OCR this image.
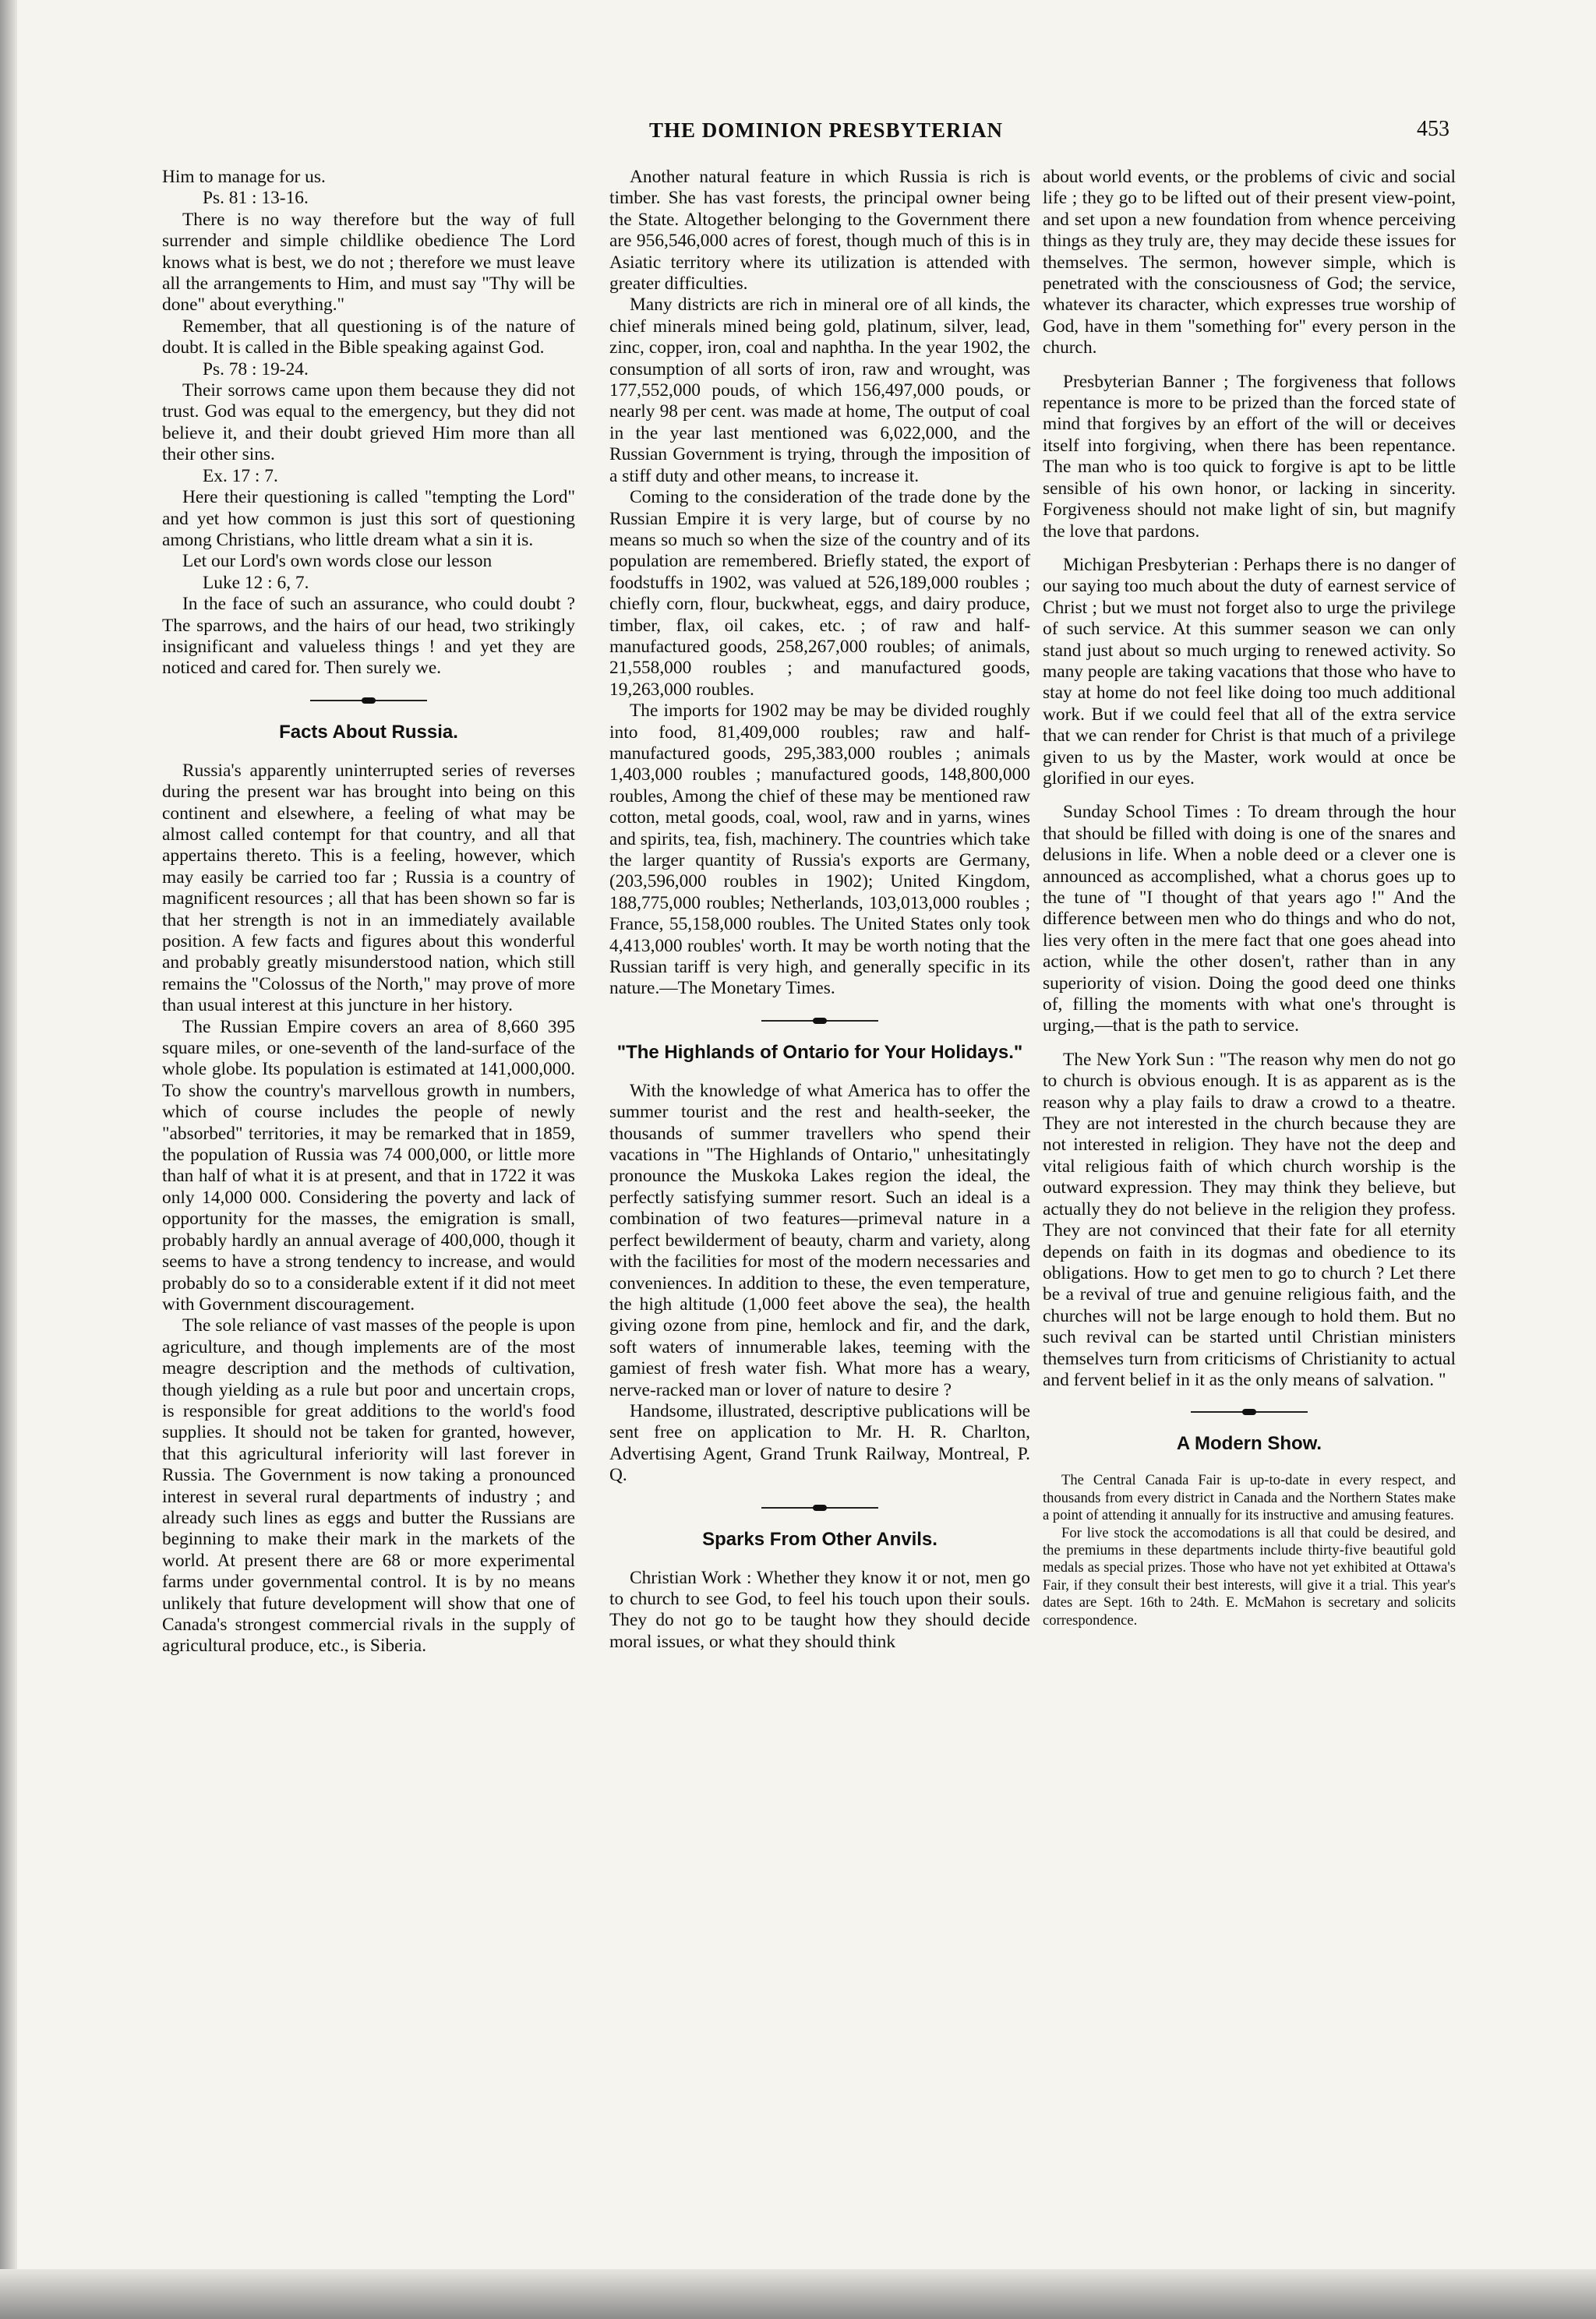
THE DOMINION PRESBYTERIAN	453

Him to manage for us.

Ps. 81 : 13-16.

There is no way therefore but the way of full surrender and simple childlike obedience The Lord knows what is best, we do not ; therefore we must leave all the arrangements to Him, and must say "Thy will be done" about everything."

Remember, that all questioning is of the nature of doubt. It is called in the Bible speaking against God.

Ps. 78 : 19-24.

Their sorrows came upon them because they did not trust. God was equal to the emergency, but they did not believe it, and their doubt grieved Him more than all their other sins.

Ex. 17 : 7.

Here their questioning is called "tempting the Lord" and yet how common is just this sort of questioning among Christians, who little dream what a sin it is.

Let our Lord's own words close our lesson

Luke 12 : 6, 7.

In the face of such an assurance, who could doubt ? The sparrows, and the hairs of our head, two strikingly insignificant and valueless things ! and yet they are noticed and cared for. Then surely we.

Facts About Russia.

Russia's apparently uninterrupted series of reverses during the present war has brought into being on this continent and elsewhere, a feeling of what may be almost called contempt for that country, and all that appertains thereto. This is a feeling, however, which may easily be carried too far ; Russia is a country of magnificent resources ; all that has been shown so far is that her strength is not in an immediately available position. A few facts and figures about this wonderful and probably greatly misunderstood nation, which still remains the "Colossus of the North," may prove of more than usual interest at this juncture in her history.

The Russian Empire covers an area of 8,660 395 square miles, or one-seventh of the land-surface of the whole globe. Its population is estimated at 141,000,000. To show the country's marvellous growth in numbers, which of course includes the people of newly "absorbed" territories, it may be remarked that in 1859, the population of Russia was 74 000,000, or little more than half of what it is at present, and that in 1722 it was only 14,000 000. Considering the poverty and lack of opportunity for the masses, the emigration is small, probably hardly an annual average of 400,000, though it seems to have a strong tendency to increase, and would probably do so to a considerable extent if it did not meet with Government discouragement.

The sole reliance of vast masses of the people is upon agriculture, and though implements are of the most meagre description and the methods of cultivation, though yielding as a rule but poor and uncertain crops, is responsible for great additions to the world's food supplies. It should not be taken for granted, however, that this agricultural inferiority will last forever in Russia. The Government is now taking a pronounced interest in several rural departments of industry ; and already such lines as eggs and butter the Russians are beginning to make their mark in the markets of the world. At present there are 68 or more experimental farms under governmental control. It is by no means unlikely that future development will show that one of Canada's strongest commercial rivals in the supply of agricultural produce, etc., is Siberia.

Another natural feature in which Russia is rich is timber. She has vast forests, the principal owner being the State. Altogether belonging to the Government there are 956,546,000 acres of forest, though much of this is in Asiatic territory where its utilization is attended with greater difficulties.

Many districts are rich in mineral ore of all kinds, the chief minerals mined being gold, platinum, silver, lead, zinc, copper, iron, coal and naphtha. In the year 1902, the consumption of all sorts of iron, raw and wrought, was 177,552,000 pouds, of which 156,497,000 pouds, or nearly 98 per cent. was made at home, The output of coal in the year last mentioned was 6,022,000, and the Russian Government is trying, through the imposition of a stiff duty and other means, to increase it.

Coming to the consideration of the trade done by the Russian Empire it is very large, but of course by no means so much so when the size of the country and of its population are remembered. Briefly stated, the export of foodstuffs in 1902, was valued at 526,189,000 roubles ; chiefly corn, flour, buckwheat, eggs, and dairy produce, timber, flax, oil cakes, etc. ; of raw and half-manufactured goods, 258,267,000 roubles; of animals, 21,558,000 roubles ; and manufactured goods, 19,263,000 roubles.

The imports for 1902 may be may be divided roughly into food, 81,409,000 roubles; raw and half-manufactured goods, 295,383,000 roubles ; animals 1,403,000 roubles ; manufactured goods, 148,800,000 roubles, Among the chief of these may be mentioned raw cotton, metal goods, coal, wool, raw and in yarns, wines and spirits, tea, fish, machinery. The countries which take the larger quantity of Russia's exports are Germany, (203,596,000 roubles in 1902); United Kingdom, 188,775,000 roubles; Netherlands, 103,013,000 roubles ; France, 55,158,000 roubles. The United States only took 4,413,000 roubles' worth. It may be worth noting that the Russian tariff is very high, and generally specific in its nature.—The Monetary Times.

"The Highlands of Ontario for Your Holidays."

With the knowledge of what America has to offer the summer tourist and the rest and health-seeker, the thousands of summer travellers who spend their vacations in "The Highlands of Ontario," unhesitatingly pronounce the Muskoka Lakes region the ideal, the perfectly satisfying summer resort. Such an ideal is a combination of two features—primeval nature in a perfect bewilderment of beauty, charm and variety, along with the facilities for most of the modern necessaries and conveniences. In addition to these, the even temperature, the high altitude (1,000 feet above the sea), the health giving ozone from pine, hemlock and fir, and the dark, soft waters of innumerable lakes, teeming with the gamiest of fresh water fish. What more has a weary, nerve-racked man or lover of nature to desire ?

Handsome, illustrated, descriptive publications will be sent free on application to Mr. H. R. Charlton, Advertising Agent, Grand Trunk Railway, Montreal, P. Q.

Sparks From Other Anvils.

Christian Work : Whether they know it or not, men go to church to see God, to feel his touch upon their souls. They do not go to be taught how they should decide moral issues, or what they should think

about world events, or the problems of civic and social life ; they go to be lifted out of their present view-point, and set upon a new foundation from whence perceiving things as they truly are, they may decide these issues for themselves. The sermon, however simple, which is penetrated with the consciousness of God; the service, whatever its character, which expresses true worship of God, have in them "something for" every person in the church.

Presbyterian Banner ; The forgiveness that follows repentance is more to be prized than the forced state of mind that forgives by an effort of the will or deceives itself into forgiving, when there has been repentance. The man who is too quick to forgive is apt to be little sensible of his own honor, or lacking in sincerity. Forgiveness should not make light of sin, but magnify the love that pardons.

Michigan Presbyterian : Perhaps there is no danger of our saying too much about the duty of earnest service of Christ ; but we must not forget also to urge the privilege of such service. At this summer season we can only stand just about so much urging to renewed activity. So many people are taking vacations that those who have to stay at home do not feel like doing too much additional work. But if we could feel that all of the extra service that we can render for Christ is that much of a privilege given to us by the Master, work would at once be glorified in our eyes.

Sunday School Times : To dream through the hour that should be filled with doing is one of the snares and delusions in life. When a noble deed or a clever one is announced as accomplished, what a chorus goes up to the tune of "I thought of that years ago !" And the difference between men who do things and who do not, lies very often in the mere fact that one goes ahead into action, while the other dosen't, rather than in any superiority of vision. Doing the good deed one thinks of, filling the moments with what one's throught is urging,—that is the path to service.

The New York Sun : "The reason why men do not go to church is obvious enough. It is as apparent as is the reason why a play fails to draw a crowd to a theatre. They are not interested in the church because they are not interested in religion. They have not the deep and vital religious faith of which church worship is the outward expression. They may think they believe, but actually they do not believe in the religion they profess. They are not convinced that their fate for all eternity depends on faith in its dogmas and obedience to its obligations. How to get men to go to church ? Let there be a revival of true and genuine religious faith, and the churches will not be large enough to hold them. But no such revival can be started until Christian ministers themselves turn from criticisms of Christianity to actual and fervent belief in it as the only means of salvation. "

A Modern Show.

The Central Canada Fair is up-to-date in every respect, and thousands from every district in Canada and the Northern States make a point of attending it annually for its instructive and amusing features.

For live stock the accomodations is all that could be desired, and the premiums in these departments include thirty-five beautiful gold medals as special prizes. Those who have not yet exhibited at Ottawa's Fair, if they consult their best interests, will give it a trial. This year's dates are Sept. 16th to 24th. E. McMahon is secretary and solicits correspondence.
